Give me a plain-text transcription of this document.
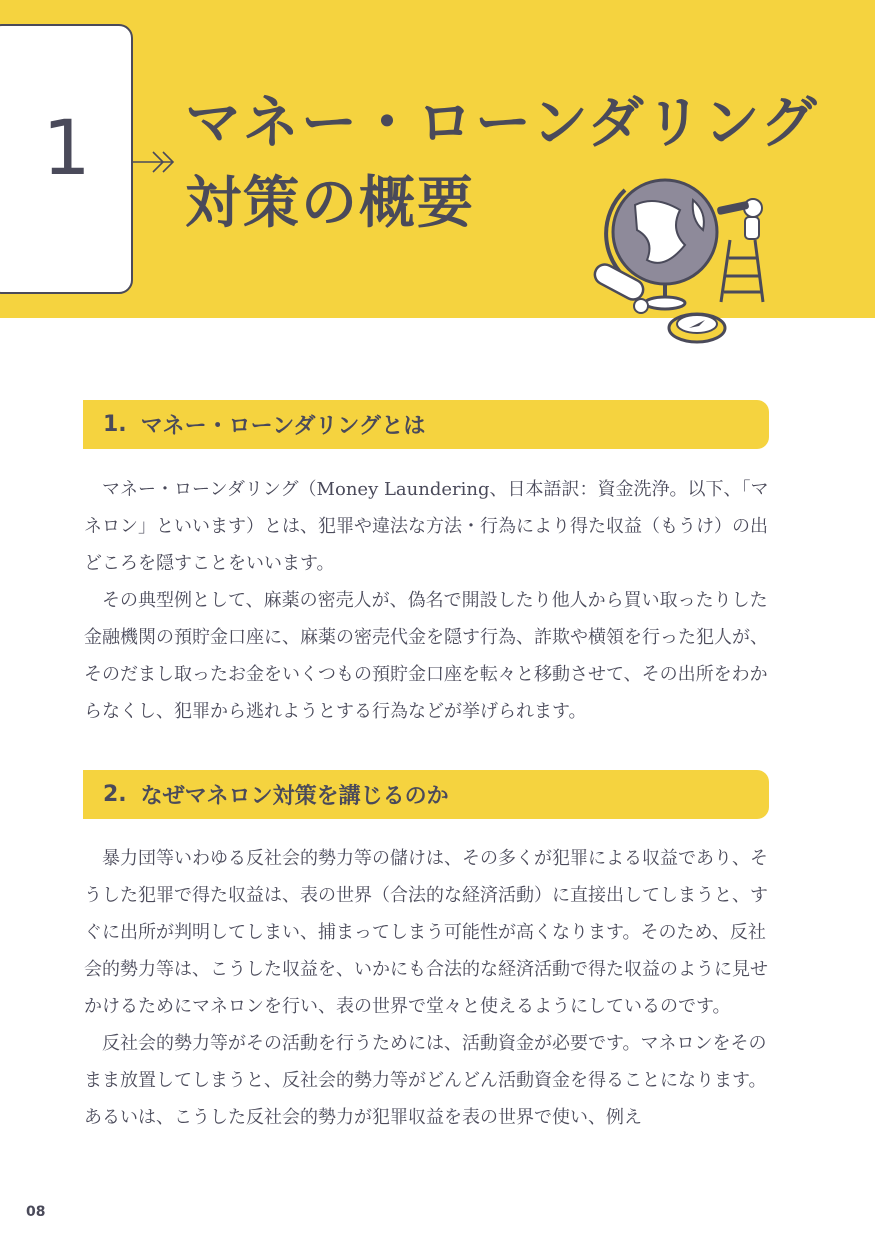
1	マネー・ローンダリング
対策の概要
1. マネー・ローンダリングとは

マネー・ローンダリング（Money Laundering、日本語訳：資金洗浄。以下、「マネロン」といいます）とは、犯罪や違法な方法・行為により得た収益（もうけ）の出どころを隠すことをいいます。

その典型例として、麻薬の密売人が、偽名で開設したり他人から買い取ったりした金融機関の預貯金口座に、麻薬の密売代金を隠す行為、詐欺や横領を行った犯人が、そのだまし取ったお金をいくつもの預貯金口座を転々と移動させて、その出所をわからなくし、犯罪から逃れようとする行為などが挙げられます。

2. なぜマネロン対策を講じるのか

暴力団等いわゆる反社会的勢力等の儲けは、その多くが犯罪による収益であり、そうした犯罪で得た収益は、表の世界（合法的な経済活動）に直接出してしまうと、すぐに出所が判明してしまい、捕まってしまう可能性が高くなります。そのため、反社会的勢力等は、こうした収益を、いかにも合法的な経済活動で得た収益のように見せかけるためにマネロンを行い、表の世界で堂々と使えるようにしているのです。

反社会的勢力等がその活動を行うためには、活動資金が必要です。マネロンをそのまま放置してしまうと、反社会的勢力等がどんどん活動資金を得ることになります。あるいは、こうした反社会的勢力が犯罪収益を表の世界で使い、例え

08
